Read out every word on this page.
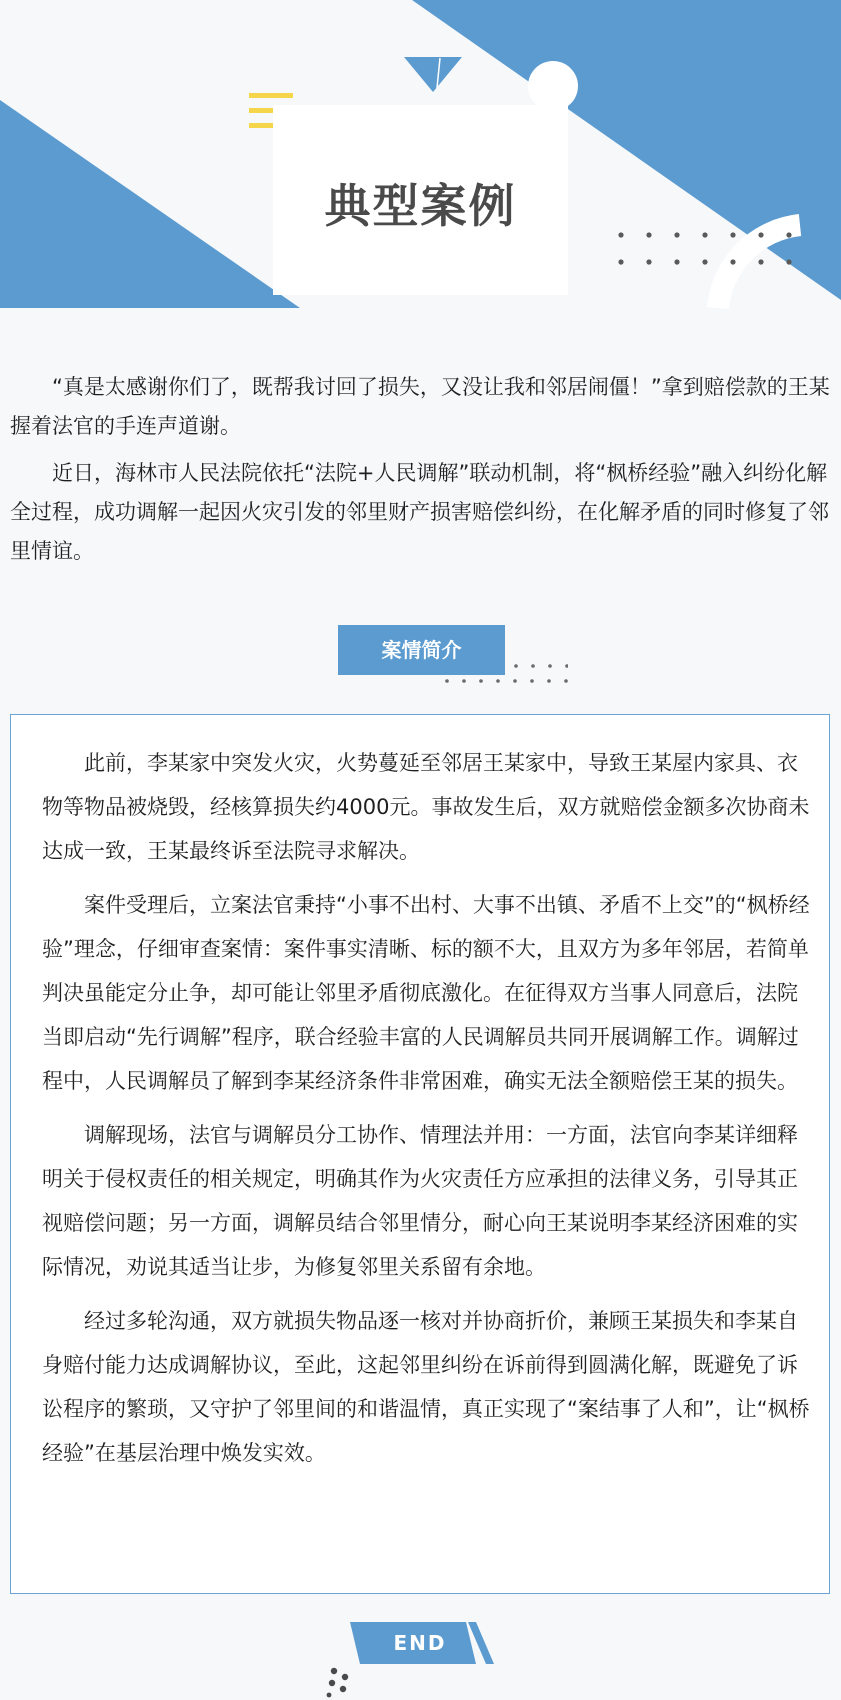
典型案例

“真是太感谢你们了，既帮我讨回了损失，又没让我和邻居闹僵！”拿到赔偿款的王某握着法官的手连声道谢。

近日，海林市人民法院依托“法院+人民调解”联动机制，将“枫桥经验”融入纠纷化解全过程，成功调解一起因火灾引发的邻里财产损害赔偿纠纷，在化解矛盾的同时修复了邻里情谊。

案情简介

此前，李某家中突发火灾，火势蔓延至邻居王某家中，导致王某屋内家具、衣物等物品被烧毁，经核算损失约4000元。事故发生后，双方就赔偿金额多次协商未达成一致，王某最终诉至法院寻求解决。

案件受理后，立案法官秉持“小事不出村、大事不出镇、矛盾不上交”的“枫桥经验”理念，仔细审查案情：案件事实清晰、标的额不大，且双方为多年邻居，若简单判决虽能定分止争，却可能让邻里矛盾彻底激化。在征得双方当事人同意后，法院当即启动“先行调解”程序，联合经验丰富的人民调解员共同开展调解工作。调解过程中，人民调解员了解到李某经济条件非常困难，确实无法全额赔偿王某的损失。

调解现场，法官与调解员分工协作、情理法并用：一方面，法官向李某详细释明关于侵权责任的相关规定，明确其作为火灾责任方应承担的法律义务，引导其正视赔偿问题；另一方面，调解员结合邻里情分，耐心向王某说明李某经济困难的实际情况，劝说其适当让步，为修复邻里关系留有余地。

经过多轮沟通，双方就损失物品逐一核对并协商折价，兼顾王某损失和李某自身赔付能力达成调解协议，至此，这起邻里纠纷在诉前得到圆满化解，既避免了诉讼程序的繁琐，又守护了邻里间的和谐温情，真正实现了“案结事了人和”，让“枫桥经验”在基层治理中焕发实效。

END
